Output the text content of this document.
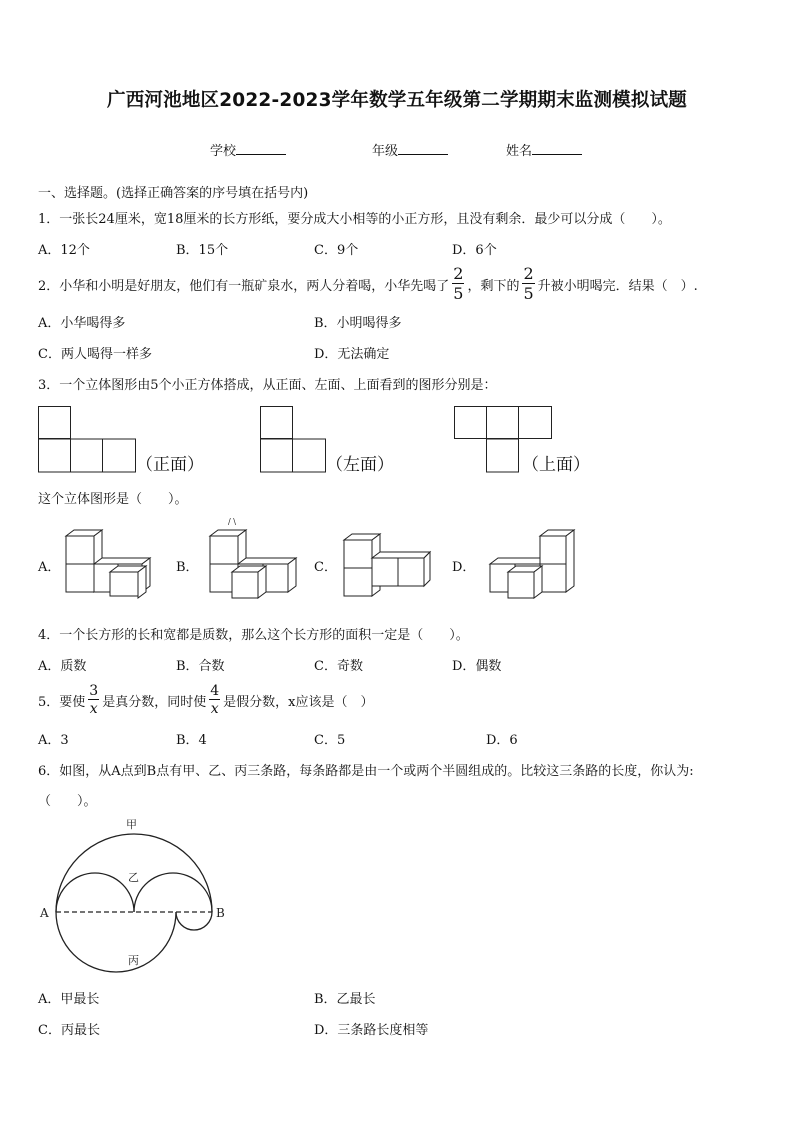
广西河池地区2022-2023学年数学五年级第二学期期末监测模拟试题
学校	年级	姓名
一、选择题。(选择正确答案的序号填在括号内)
1．一张长24厘米，宽18厘米的长方形纸，要分成大小相等的小正方形，且没有剩余．最少可以分成（　　）。
A．12个	B．15个	C．9个	D．6个
2．小华和小明是好朋友，他们有一瓶矿泉水，两人分着喝，小华先喝了 $\frac{2}{5}$ ，剩下的 $\frac{2}{5}$ 升被小明喝完．结果（　）.
A．小华喝得多	B．小明喝得多
C．两人喝得一样多	D．无法确定
3．一个立体图形由5个小正方体搭成，从正面、左面、上面看到的图形分别是：
（正面）	（左面）	（上面）
这个立体图形是（　　）。
A．	B．
/ \
C．	D．
4．一个长方形的长和宽都是质数，那么这个长方形的面积一定是（　　）。
A．质数	B．合数	C．奇数	D．偶数
5．要使 $\frac{3}{x}$ 是真分数，同时使 $\frac{4}{x}$ 是假分数，x应该是（　）
A．3	B．4	C．5	D．6
6．如图，从A点到B点有甲、乙、丙三条路，每条路都是由一个或两个半圆组成的。比较这三条路的长度，你认为:
（　　）。
甲
乙
丙
A	B
A．甲最长	B．乙最长
C．丙最长	D．三条路长度相等
